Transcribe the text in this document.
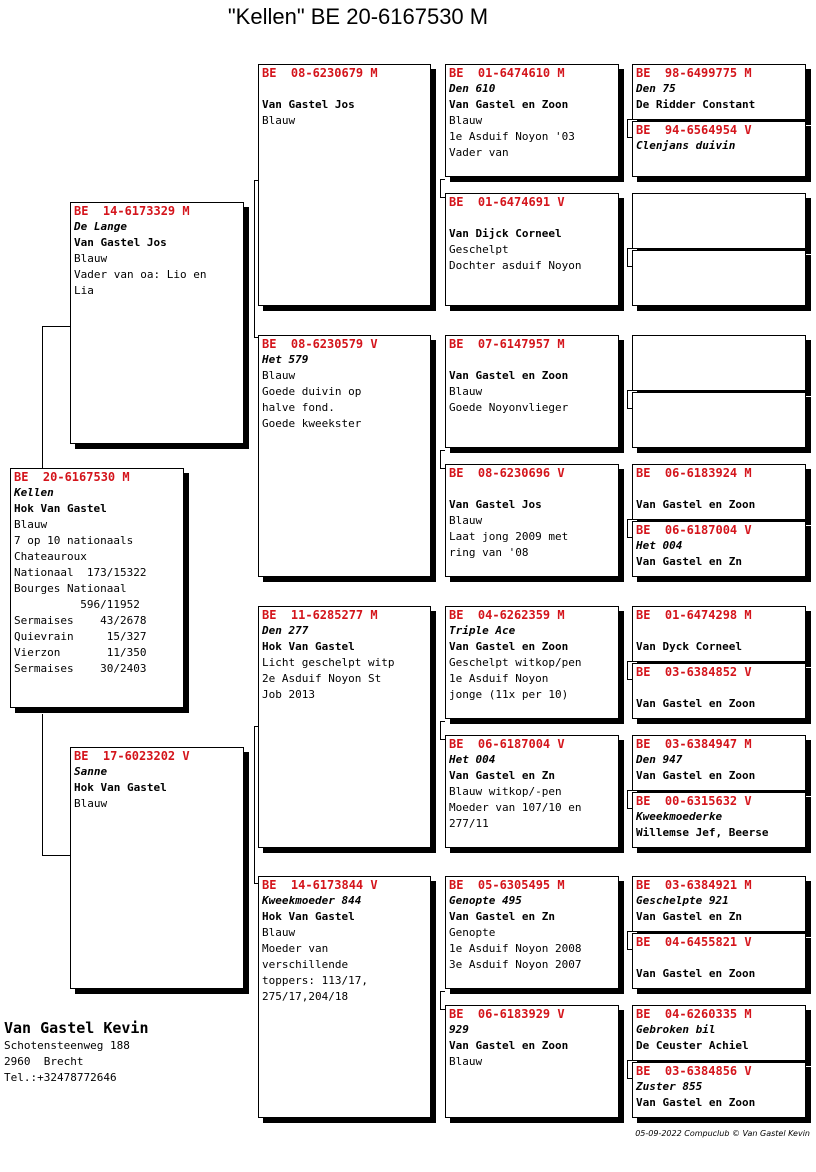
"Kellen" BE 20-6167530 M
BE  20-6167530 M
Kellen
Hok Van Gastel
Blauw
7 op 10 nationaals
Chateauroux
Nationaal  173/15322
Bourges Nationaal
596/11952
Sermaises    43/2678
Quievrain     15/327
Vierzon       11/350
Sermaises    30/2403
BE  14-6173329 M
De Lange
Van Gastel Jos
Blauw
Vader van oa: Lio en
Lia
BE  17-6023202 V
Sanne
Hok Van Gastel
Blauw
BE  08-6230679 M
Van Gastel Jos
Blauw
BE  08-6230579 V
Het 579
Blauw
Goede duivin op
halve fond.
Goede kweekster
BE  11-6285277 M
Den 277
Hok Van Gastel
Licht geschelpt witp
2e Asduif Noyon St
Job 2013
BE  14-6173844 V
Kweekmoeder 844
Hok Van Gastel
Blauw
Moeder van
verschillende
toppers: 113/17,
275/17,204/18
BE  01-6474610 M
Den 610
Van Gastel en Zoon
Blauw
1e Asduif Noyon '03
Vader van
BE  01-6474691 V
Van Dijck Corneel
Geschelpt
Dochter asduif Noyon
BE  07-6147957 M
Van Gastel en Zoon
Blauw
Goede Noyonvlieger
BE  08-6230696 V
Van Gastel Jos
Blauw
Laat jong 2009 met
ring van '08
BE  04-6262359 M
Triple Ace
Van Gastel en Zoon
Geschelpt witkop/pen
1e Asduif Noyon
jonge (11x per 10)
BE  06-6187004 V
Het 004
Van Gastel en Zn
Blauw witkop/-pen
Moeder van 107/10 en
277/11
BE  05-6305495 M
Genopte 495
Van Gastel en Zn
Genopte
1e Asduif Noyon 2008
3e Asduif Noyon 2007
BE  06-6183929 V
929
Van Gastel en Zoon
Blauw
BE  98-6499775 M
Den 75
De Ridder Constant
BE  94-6564954 V
Clenjans duivin
BE  06-6183924 M
Van Gastel en Zoon
BE  06-6187004 V
Het 004
Van Gastel en Zn
BE  01-6474298 M
Van Dyck Corneel
BE  03-6384852 V
Van Gastel en Zoon
BE  03-6384947 M
Den 947
Van Gastel en Zoon
BE  00-6315632 V
Kweekmoederke
Willemse Jef, Beerse
BE  03-6384921 M
Geschelpte 921
Van Gastel en Zn
BE  04-6455821 V
Van Gastel en Zoon
BE  04-6260335 M
Gebroken bil
De Ceuster Achiel
BE  03-6384856 V
Zuster 855
Van Gastel en Zoon
Van Gastel Kevin
Schotensteenweg 188
2960  Brecht
Tel.:+32478772646
05-09-2022 Compuclub © Van Gastel Kevin
